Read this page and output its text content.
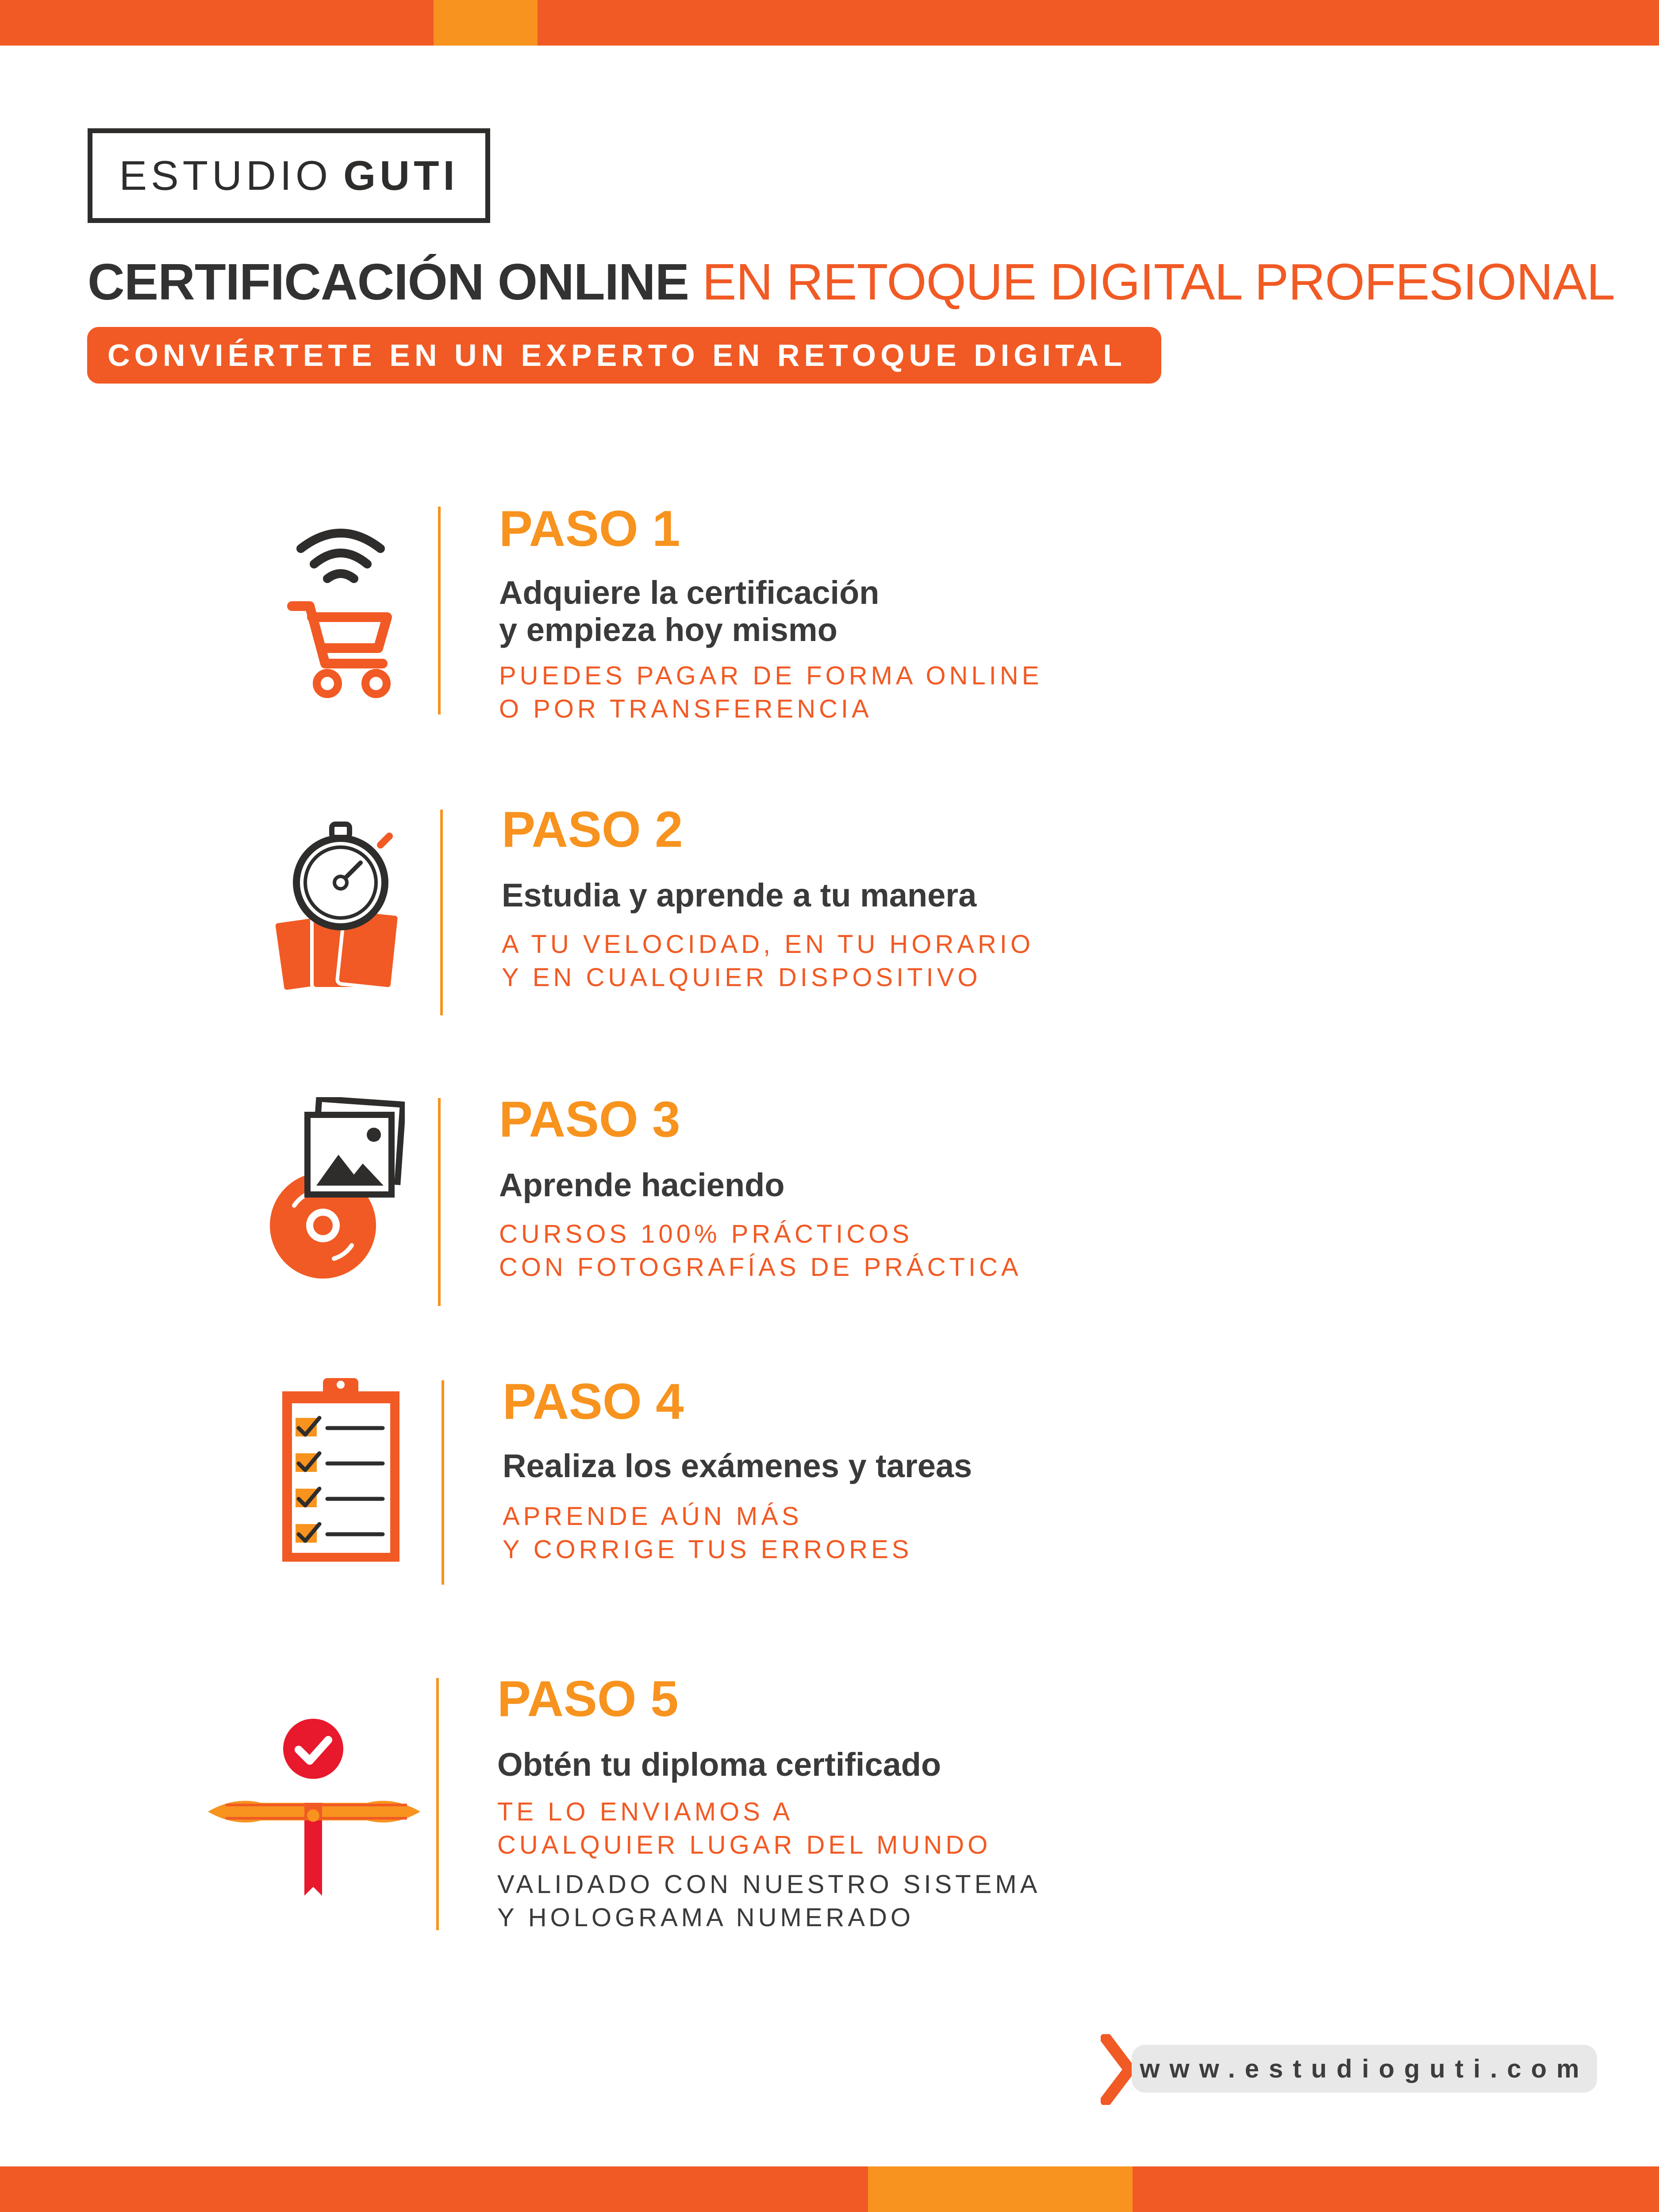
ESTUDIO GUTI
CERTIFICACIÓN ONLINE EN RETOQUE DIGITAL PROFESIONAL
CONVIÉRTETE EN UN EXPERTO EN RETOQUE DIGITAL
PASO 1
Adquiere la certificación
y empieza hoy mismo
PUEDES PAGAR DE FORMA ONLINE
O POR TRANSFERENCIA
PASO 2
Estudia y aprende a tu manera
A TU VELOCIDAD, EN TU HORARIO
Y EN CUALQUIER DISPOSITIVO
PASO 3
Aprende haciendo
CURSOS 100% PRÁCTICOS
CON FOTOGRAFÍAS DE PRÁCTICA
PASO 4
Realiza los exámenes y tareas
APRENDE AÚN MÁS
Y CORRIGE TUS ERRORES
PASO 5
Obtén tu diploma certificado
TE LO ENVIAMOS A
CUALQUIER LUGAR DEL MUNDO
VALIDADO CON NUESTRO SISTEMA
Y HOLOGRAMA NUMERADO
www.estudioguti.com
